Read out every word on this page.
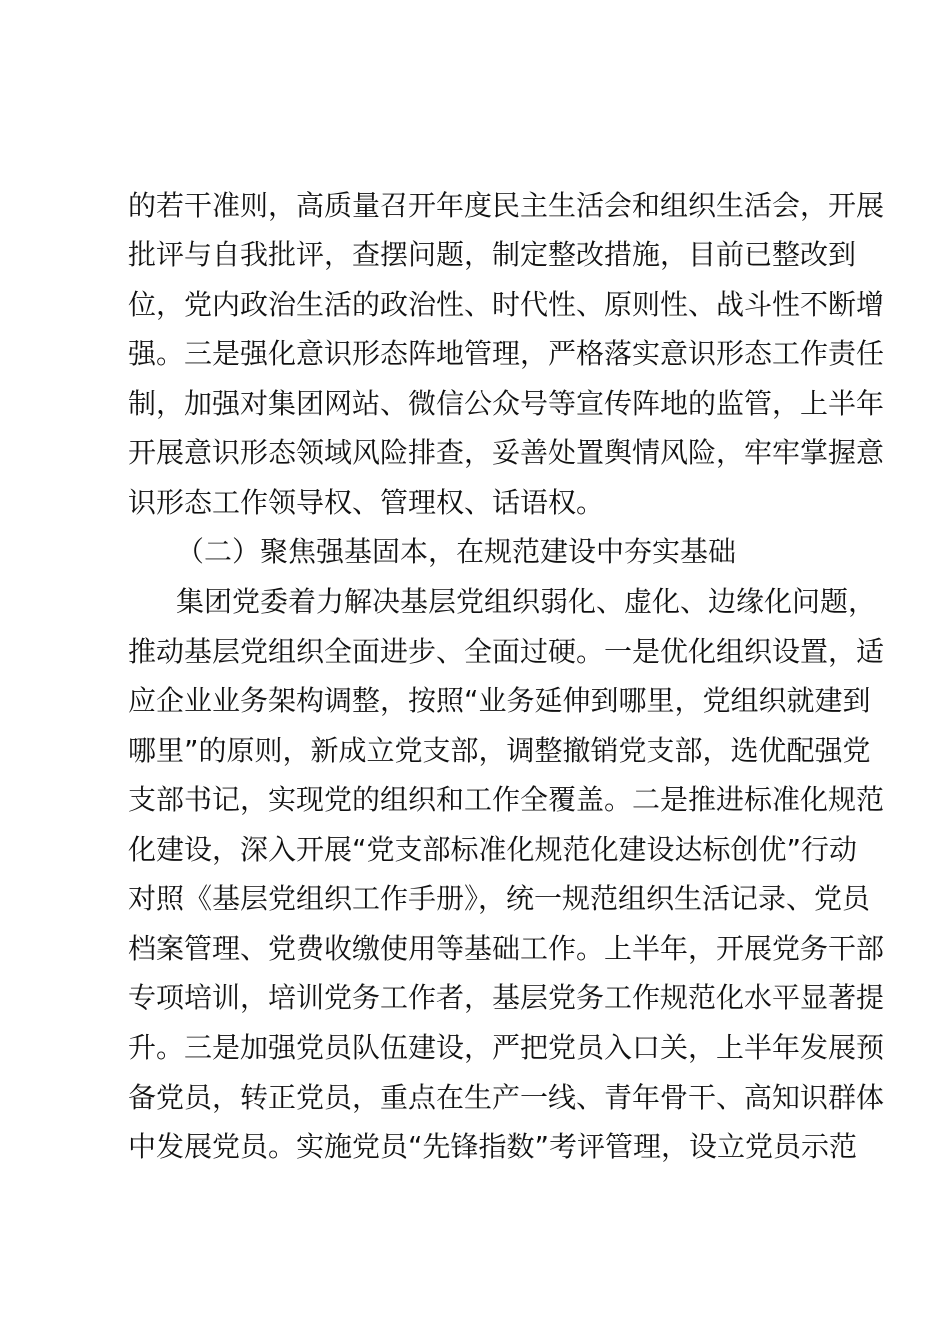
的若干准则，高质量召开年度民主生活会和组织生活会，开展
批评与自我批评，查摆问题，制定整改措施，目前已整改到
位，党内政治生活的政治性、时代性、原则性、战斗性不断增
强。三是强化意识形态阵地管理，严格落实意识形态工作责任
制，加强对集团网站、微信公众号等宣传阵地的监管，上半年
开展意识形态领域风险排查，妥善处置舆情风险，牢牢掌握意
识形态工作领导权、管理权、话语权。
（二）聚焦强基固本，在规范建设中夯实基础
集团党委着力解决基层党组织弱化、虚化、边缘化问题，
推动基层党组织全面进步、全面过硬。一是优化组织设置，适
应企业业务架构调整，按照“业务延伸到哪里，党组织就建到
哪里”的原则，新成立党支部，调整撤销党支部，选优配强党
支部书记，实现党的组织和工作全覆盖。二是推进标准化规范
化建设，深入开展“党支部标准化规范化建设达标创优”行动
对照《基层党组织工作手册》，统一规范组织生活记录、党员
档案管理、党费收缴使用等基础工作。上半年，开展党务干部
专项培训，培训党务工作者，基层党务工作规范化水平显著提
升。三是加强党员队伍建设，严把党员入口关，上半年发展预
备党员，转正党员，重点在生产一线、青年骨干、高知识群体
中发展党员。实施党员“先锋指数”考评管理，设立党员示范
